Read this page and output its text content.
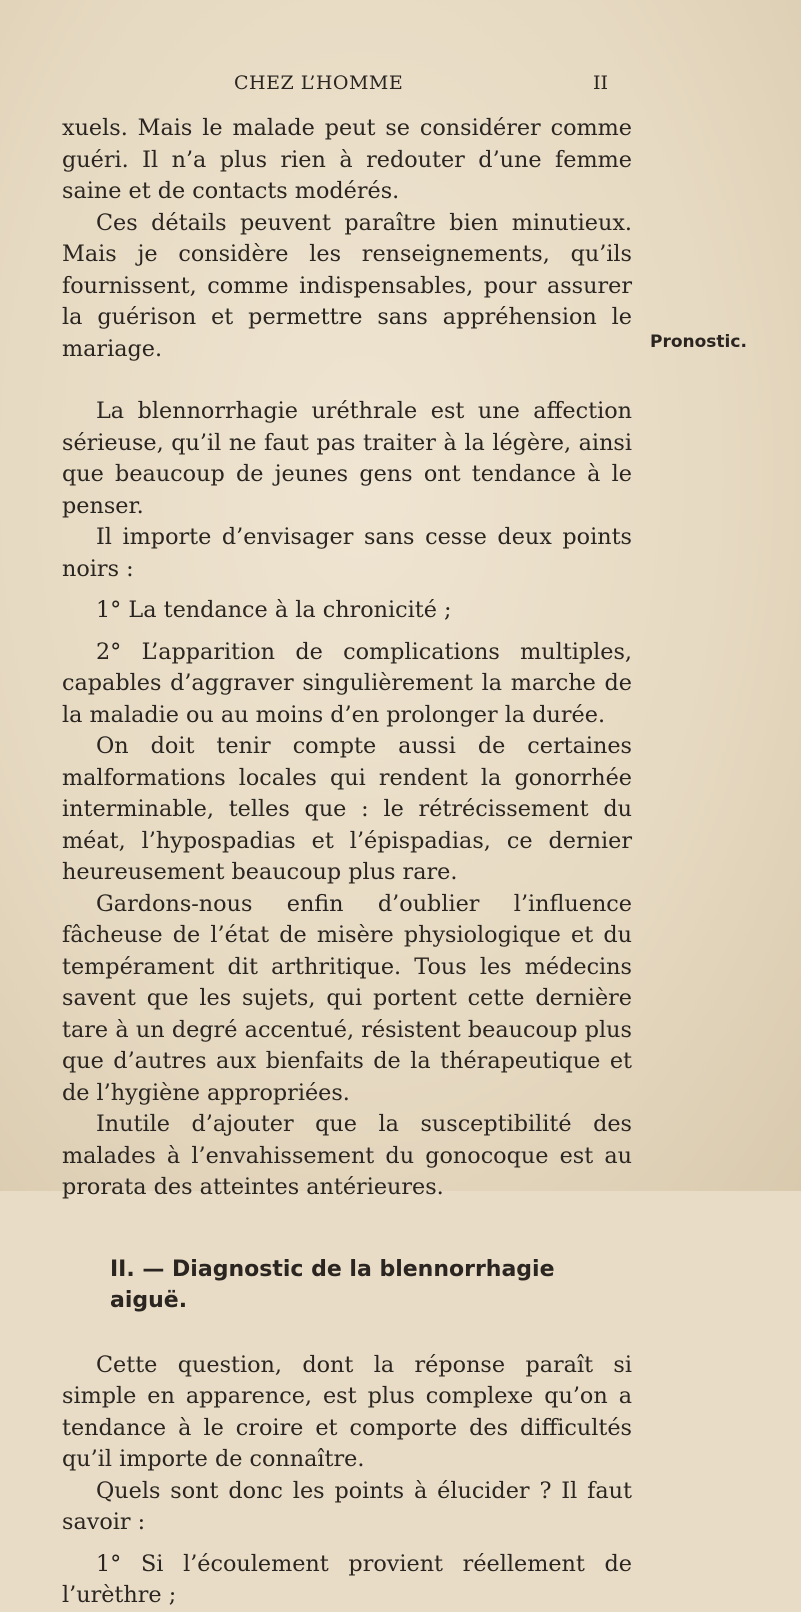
CHEZ L’HOMME	II
Pronostic.

xuels. Mais le malade peut se considérer comme guéri. Il n’a plus rien à redouter d’une femme saine et de contacts modérés.

Ces détails peuvent paraître bien minutieux. Mais je considère les renseignements, qu’ils fournissent, comme indispensables, pour assurer la guérison et permettre sans appréhension le mariage.

La blennorrhagie uréthrale est une affection sérieuse, qu’il ne faut pas traiter à la légère, ainsi que beaucoup de jeunes gens ont tendance à le penser.

Il importe d’envisager sans cesse deux points noirs :

1° La tendance à la chronicité ;

2° L’apparition de complications multiples, capables d’aggraver singulièrement la marche de la maladie ou au moins d’en prolonger la durée.

On doit tenir compte aussi de certaines malformations locales qui rendent la gonorrhée interminable, telles que : le rétrécissement du méat, l’hypospadias et l’épispadias, ce dernier heureusement beaucoup plus rare.

Gardons-nous enfin d’oublier l’influence fâcheuse de l’état de misère physiologique et du tempérament dit arthritique. Tous les médecins savent que les sujets, qui portent cette dernière tare à un degré accentué, résistent beaucoup plus que d’autres aux bienfaits de la thérapeutique et de l’hygiène appropriées.

Inutile d’ajouter que la susceptibilité des malades à l’envahissement du gonocoque est au prorata des atteintes antérieures.

II. — Diagnostic de la blennorrhagie aiguë.

Cette question, dont la réponse paraît si simple en apparence, est plus complexe qu’on a tendance à le croire et comporte des difficultés qu’il importe de connaître.

Quels sont donc les points à élucider ? Il faut savoir :

1° Si l’écoulement provient réellement de l’urèthre ;
